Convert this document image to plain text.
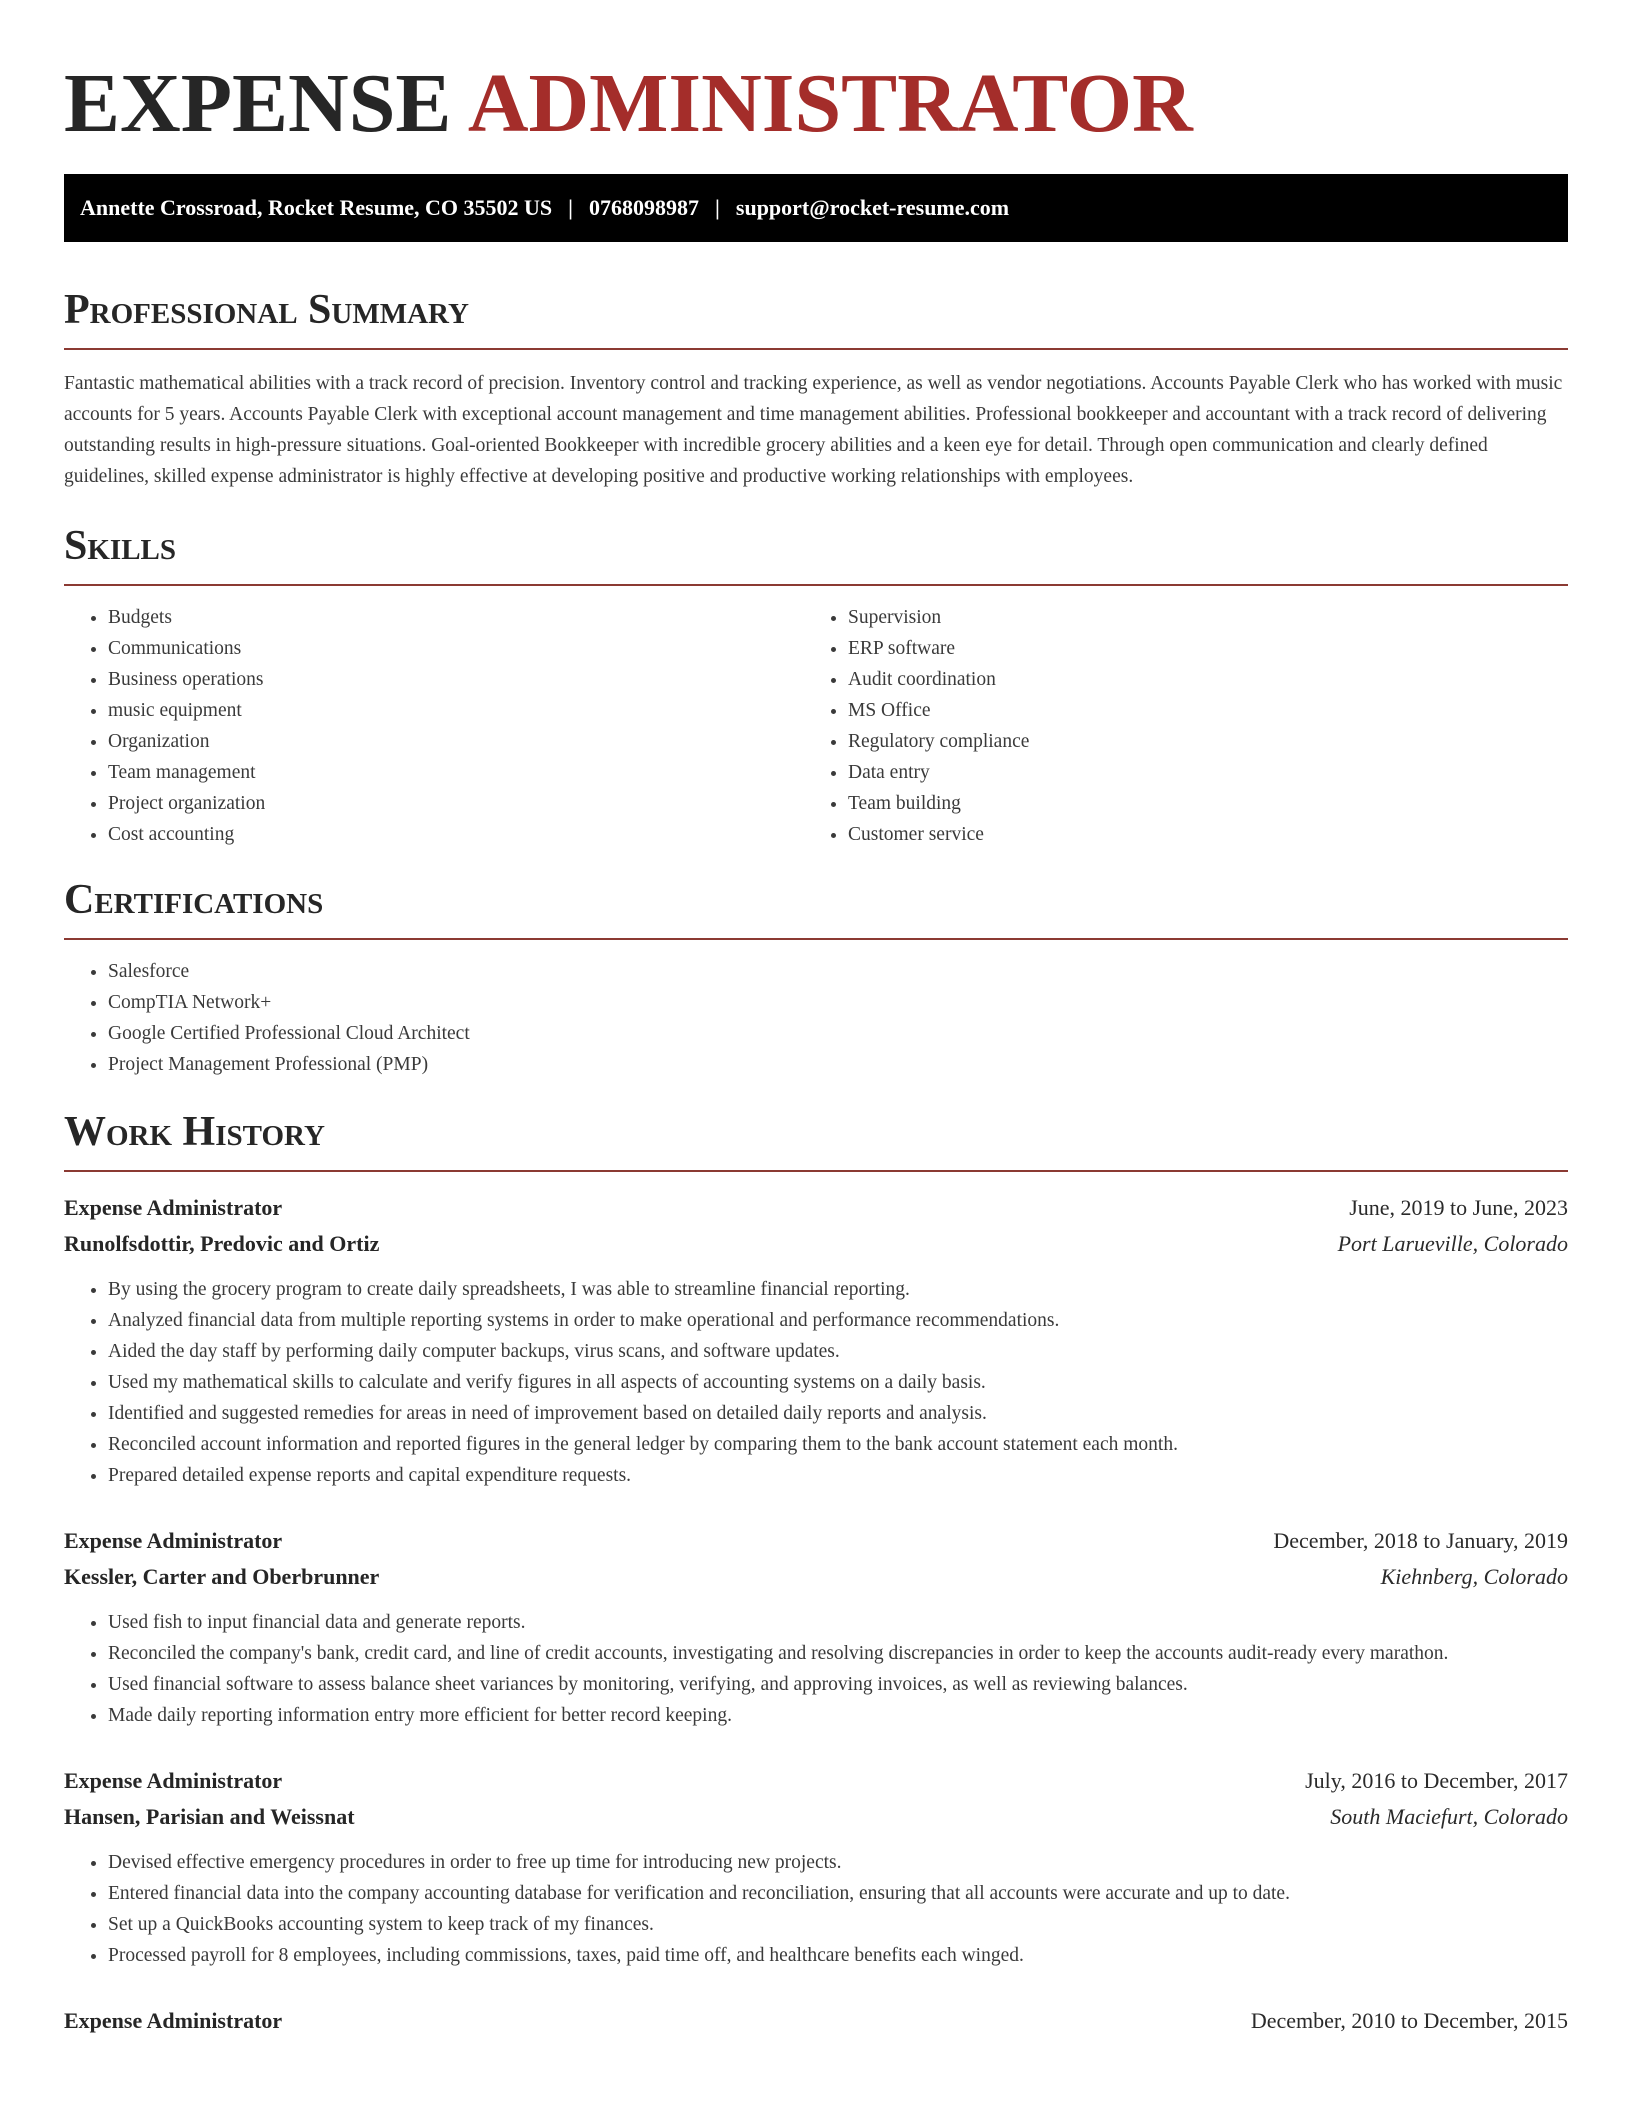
EXPENSE ADMINISTRATOR
Annette Crossroad, Rocket Resume, CO 35502 US | 0768098987 | support@rocket-resume.com
Professional Summary

Fantastic mathematical abilities with a track record of precision. Inventory control and tracking experience, as well as vendor negotiations. Accounts Payable Clerk who has worked with music accounts for 5 years. Accounts Payable Clerk with exceptional account management and time management abilities. Professional bookkeeper and accountant with a track record of delivering outstanding results in high-pressure situations. Goal-oriented Bookkeeper with incredible grocery abilities and a keen eye for detail. Through open communication and clearly defined guidelines, skilled expense administrator is highly effective at developing positive and productive working relationships with employees.

Skills
• Budgets
• Communications
• Business operations
• music equipment
• Organization
• Team management
• Project organization
• Cost accounting
• Supervision
• ERP software
• Audit coordination
• MS Office
• Regulatory compliance
• Data entry
• Team building
• Customer service
Certifications
• Salesforce
• CompTIA Network+
• Google Certified Professional Cloud Architect
• Project Management Professional (PMP)
Work History
Expense Administrator	June, 2019 to June, 2023
Runolfsdottir, Predovic and Ortiz	Port Larueville, Colorado
• By using the grocery program to create daily spreadsheets, I was able to streamline financial reporting.
• Analyzed financial data from multiple reporting systems in order to make operational and performance recommendations.
• Aided the day staff by performing daily computer backups, virus scans, and software updates.
• Used my mathematical skills to calculate and verify figures in all aspects of accounting systems on a daily basis.
• Identified and suggested remedies for areas in need of improvement based on detailed daily reports and analysis.
• Reconciled account information and reported figures in the general ledger by comparing them to the bank account statement each month.
• Prepared detailed expense reports and capital expenditure requests.
Expense Administrator	December, 2018 to January, 2019
Kessler, Carter and Oberbrunner	Kiehnberg, Colorado
• Used fish to input financial data and generate reports.
• Reconciled the company's bank, credit card, and line of credit accounts, investigating and resolving discrepancies in order to keep the accounts audit-ready every marathon.
• Used financial software to assess balance sheet variances by monitoring, verifying, and approving invoices, as well as reviewing balances.
• Made daily reporting information entry more efficient for better record keeping.
Expense Administrator	July, 2016 to December, 2017
Hansen, Parisian and Weissnat	South Maciefurt, Colorado
• Devised effective emergency procedures in order to free up time for introducing new projects.
• Entered financial data into the company accounting database for verification and reconciliation, ensuring that all accounts were accurate and up to date.
• Set up a QuickBooks accounting system to keep track of my finances.
• Processed payroll for 8 employees, including commissions, taxes, paid time off, and healthcare benefits each winged.
Expense Administrator	December, 2010 to December, 2015
